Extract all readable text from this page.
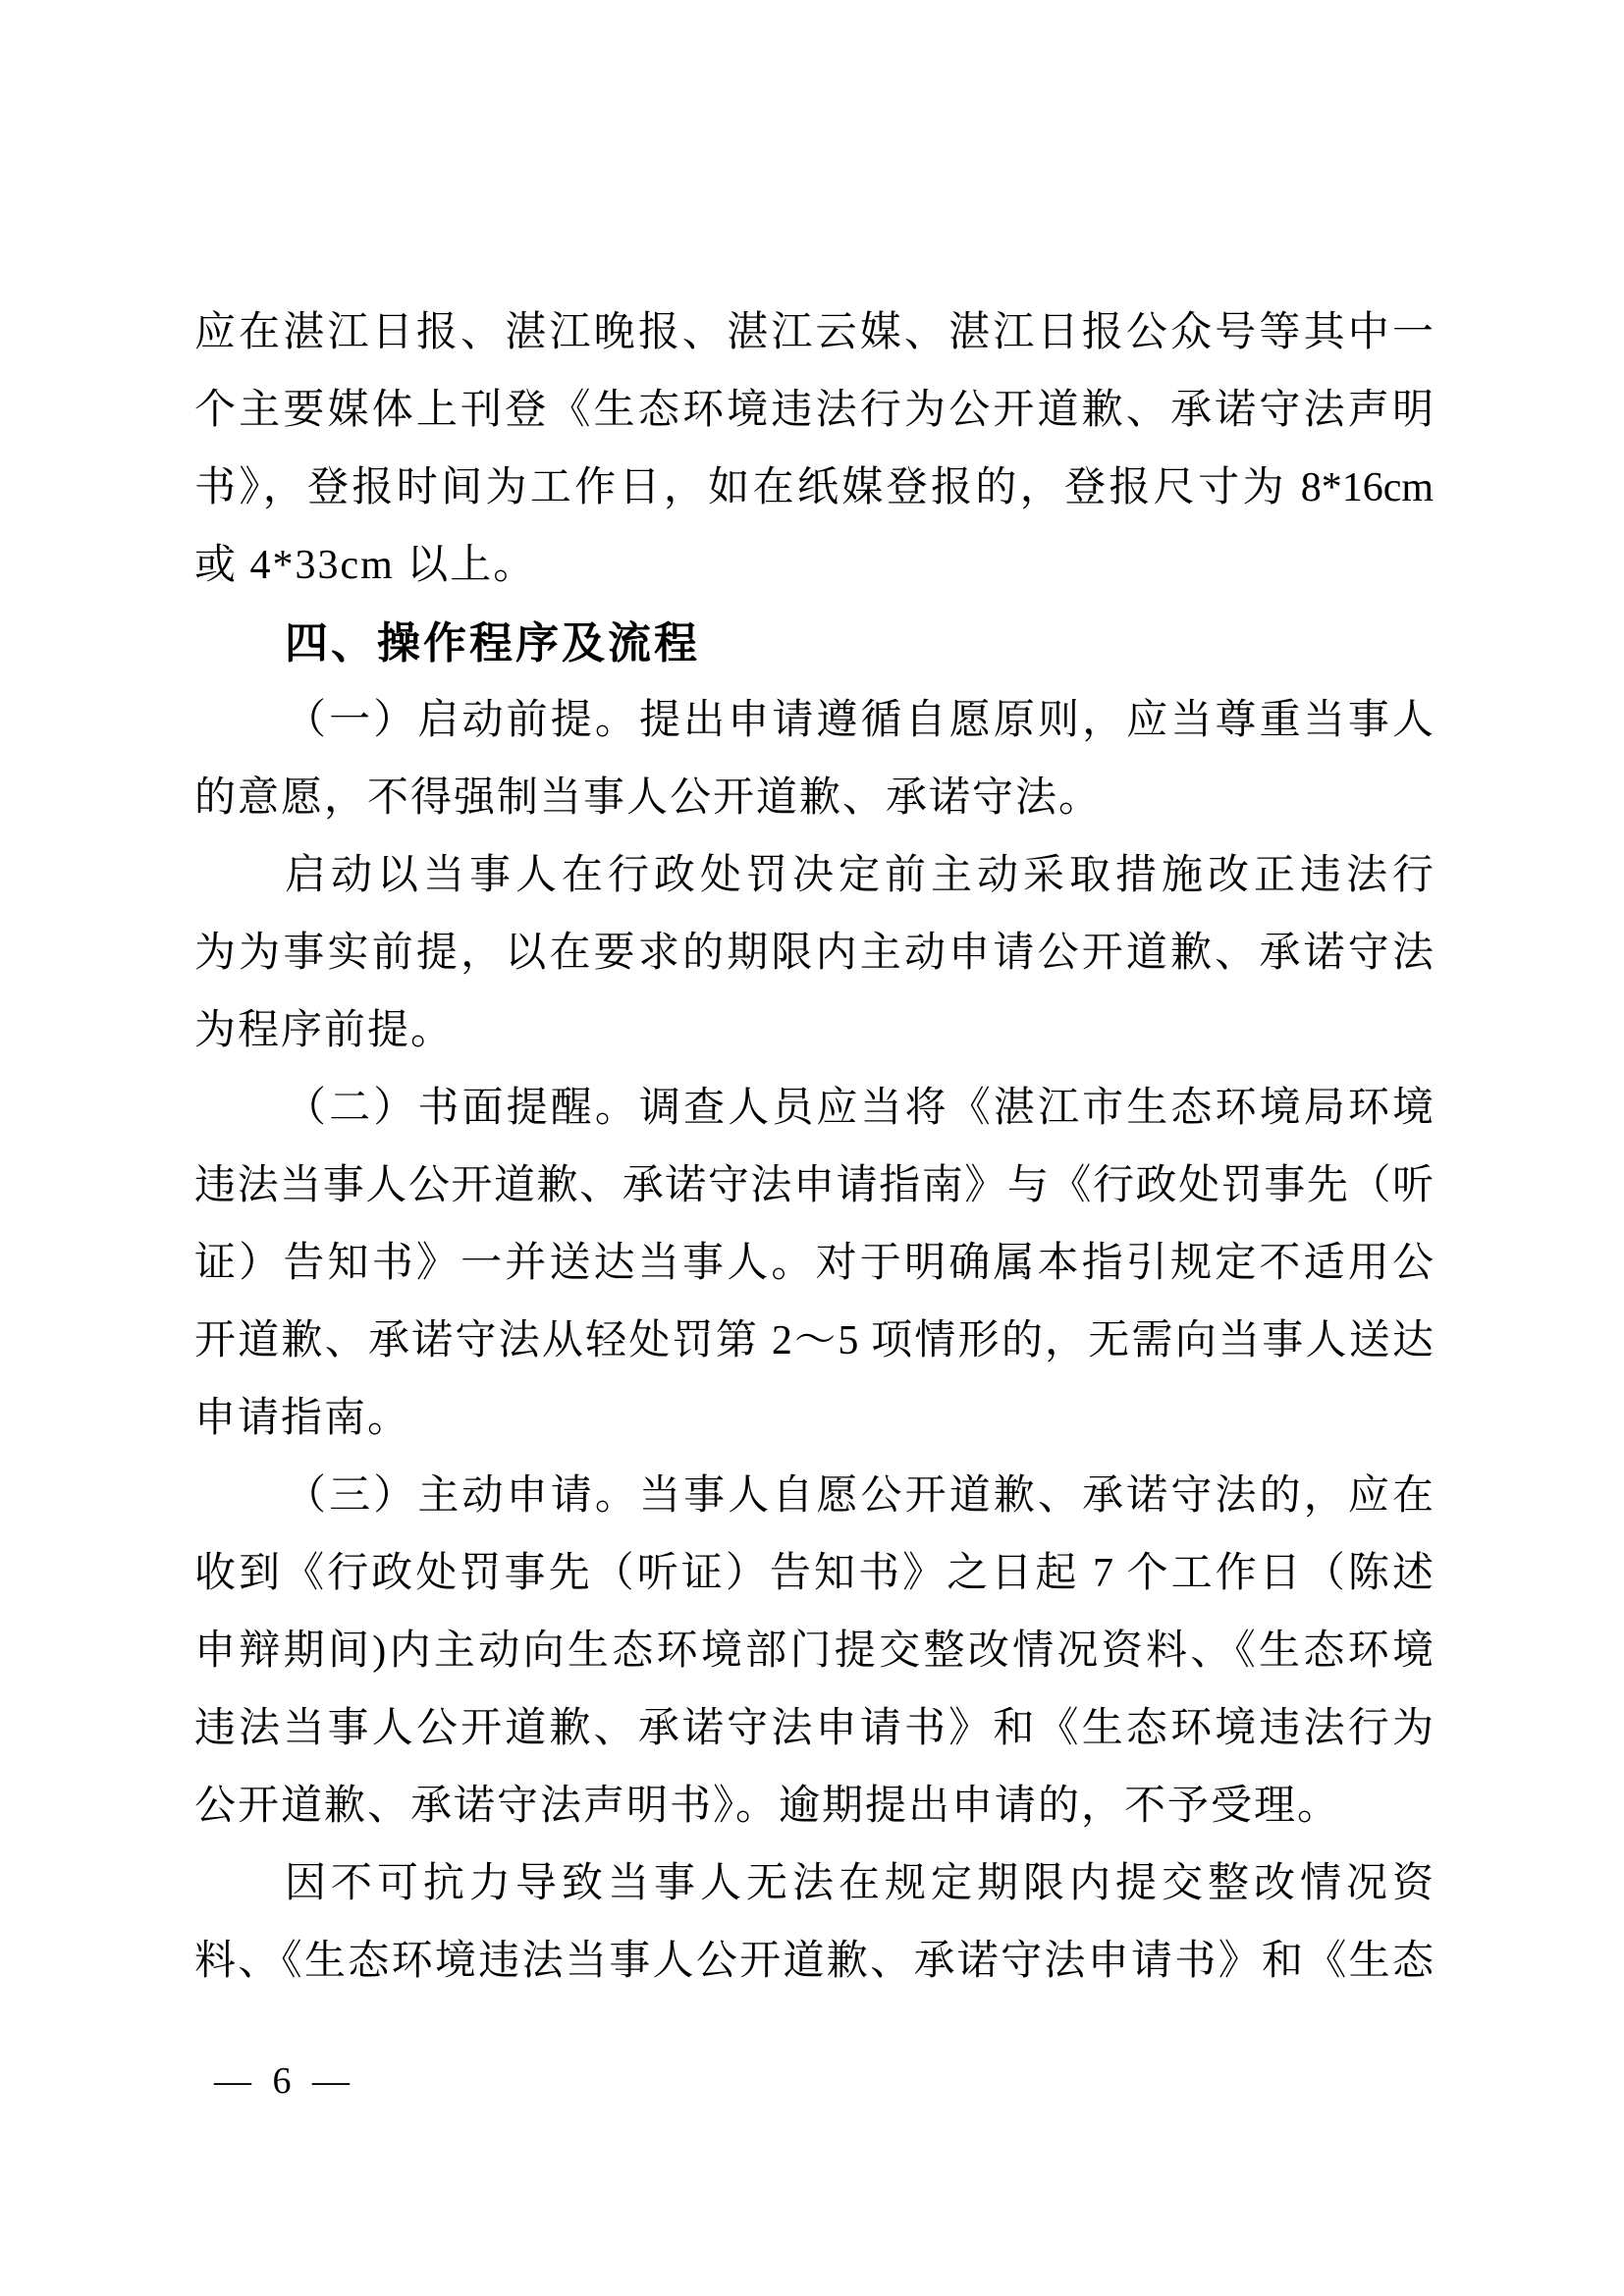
应在湛江日报、湛江晚报、湛江云媒、湛江日报公众号等其中一
个主要媒体上刊登《生态环境违法行为公开道歉、承诺守法声明
书》，登报时间为工作日，如在纸媒登报的，登报尺寸为 8*16cm
或 4*33cm 以上。
四、操作程序及流程
（一）启动前提。提出申请遵循自愿原则，应当尊重当事人
的意愿，不得强制当事人公开道歉、承诺守法。
启动以当事人在行政处罚决定前主动采取措施改正违法行
为为事实前提，以在要求的期限内主动申请公开道歉、承诺守法
为程序前提。
（二）书面提醒。调查人员应当将《湛江市生态环境局环境
违法当事人公开道歉、承诺守法申请指南》与《行政处罚事先（听
证）告知书》一并送达当事人。对于明确属本指引规定不适用公
开道歉、承诺守法从轻处罚第 2～5 项情形的，无需向当事人送达
申请指南。
（三）主动申请。当事人自愿公开道歉、承诺守法的，应在
收到《行政处罚事先（听证）告知书》之日起 7 个工作日（陈述
申辩期间)内主动向生态环境部门提交整改情况资料、《生态环境
违法当事人公开道歉、承诺守法申请书》和《生态环境违法行为
公开道歉、承诺守法声明书》。逾期提出申请的，不予受理。
因不可抗力导致当事人无法在规定期限内提交整改情况资
料、《生态环境违法当事人公开道歉、承诺守法申请书》和《生态
— 6 —
